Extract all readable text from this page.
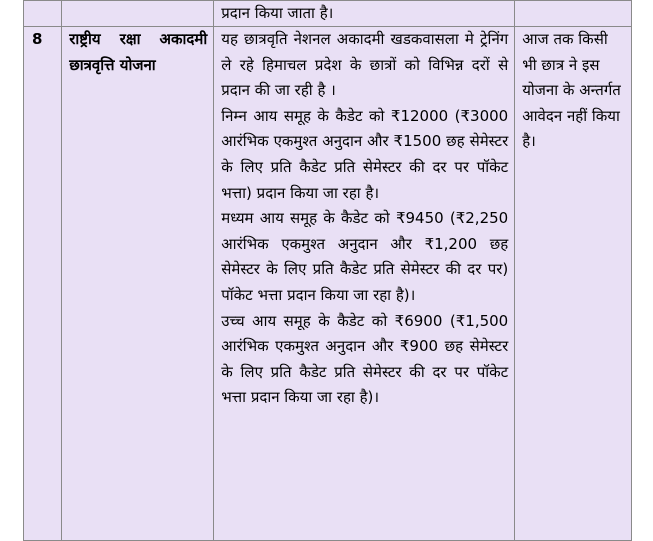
		प्रदान किया जाता है।	

8	राष्ट्रीय रक्षा अकादमी छात्रवृत्ति योजना	यह छात्रवृति नेशनल अकादमी खडकवासला मे ट्रेनिंग ले रहे हिमाचल प्रदेश के छात्रों को विभिन्न दरों से प्रदान की जा रही है ।

निम्न आय समूह के कैडेट को ₹12000 (₹3000 आरंभिक एकमुश्त अनुदान और ₹1500 छह सेमेस्टर के लिए प्रति कैडेट प्रति सेमेस्टर की दर पर पॉकेट भत्ता) प्रदान किया जा रहा है।

मध्यम आय समूह के कैडेट को ₹9450 (₹2,250 आरंभिक एकमुश्त अनुदान और ₹1,200 छह सेमेस्टर के लिए प्रति कैडेट प्रति सेमेस्टर की दर पर) पॉकेट भत्ता प्रदान किया जा रहा है)।

उच्च आय समूह के कैडेट को ₹6900 (₹1,500 आरंभिक एकमुश्त अनुदान और ₹900 छह सेमेस्टर के लिए प्रति कैडेट प्रति सेमेस्टर की दर पर पॉकेट भत्ता प्रदान किया जा रहा है)।	आज तक किसी भी छात्र ने इस योजना के अन्तर्गत आवेदन नहीं किया है।
